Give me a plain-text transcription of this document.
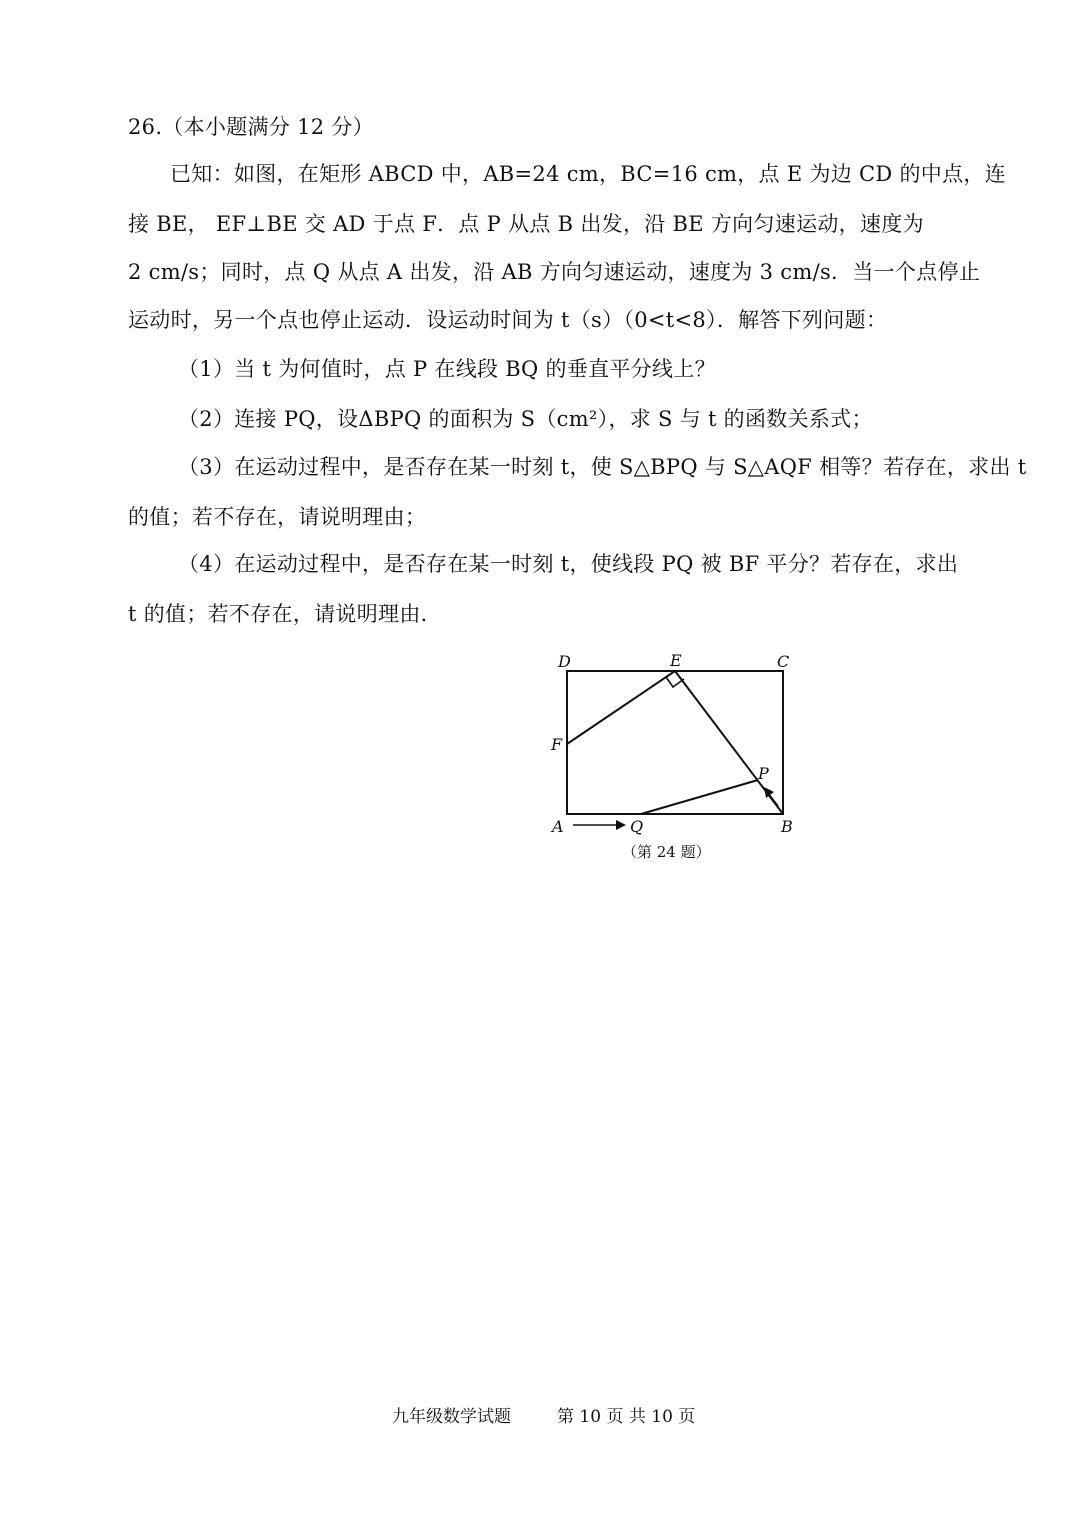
26.（本小题满分 12 分）
已知：如图，在矩形 ABCD 中，AB=24 cm，BC=16 cm，点 E 为边 CD 的中点，连
接 BE， EF⊥BE 交 AD 于点 F．点 P 从点 B 出发，沿 BE 方向匀速运动，速度为
2 cm/s；同时，点 Q 从点 A 出发，沿 AB 方向匀速运动，速度为 3 cm/s．当一个点停止
运动时，另一个点也停止运动．设运动时间为 t（s）（0<t<8）．解答下列问题：
（1）当 t 为何值时，点 P 在线段 BQ 的垂直平分线上？
（2）连接 PQ，设ΔBPQ 的面积为 S（cm²），求 S 与 t 的函数关系式；
（3）在运动过程中，是否存在某一时刻 t，使 S△BPQ 与 S△AQF 相等？若存在，求出 t
的值；若不存在，请说明理由；
（4）在运动过程中，是否存在某一时刻 t，使线段 PQ 被 BF 平分？若存在，求出
t 的值；若不存在，请说明理由．
D	E	C
F
P
A	Q	B
（第 24 题）
九年级数学试题	第 10 页 共 10 页
